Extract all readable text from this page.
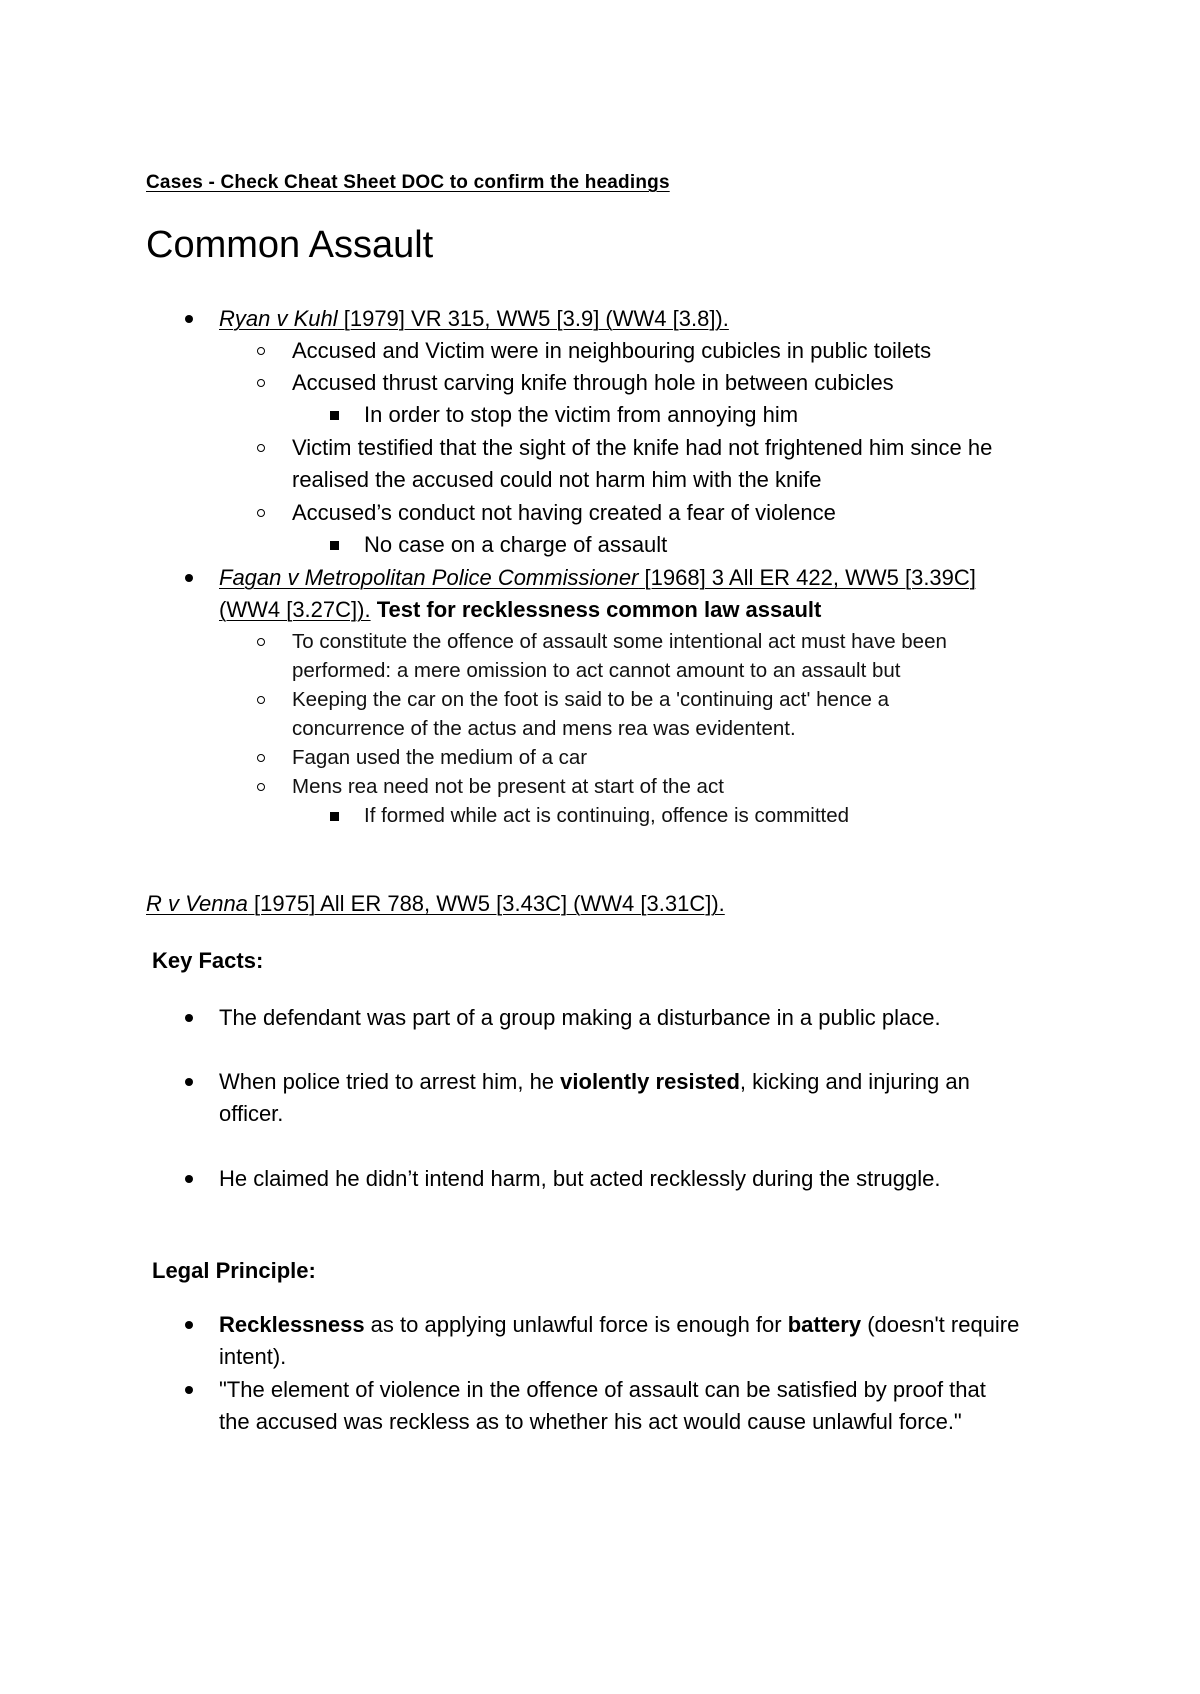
Cases - Check Cheat Sheet DOC to confirm the headings
Common Assault
Ryan v Kuhl [1979] VR 315, WW5 [3.9] (WW4 [3.8]).
Accused and Victim were in neighbouring cubicles in public toilets
Accused thrust carving knife through hole in between cubicles
In order to stop the victim from annoying him
Victim testified that the sight of the knife had not frightened him since he
realised the accused could not harm him with the knife
Accused’s conduct not having created a fear of violence
No case on a charge of assault
Fagan v Metropolitan Police Commissioner [1968] 3 All ER 422, WW5 [3.39C]
(WW4 [3.27C]). Test for recklessness common law assault
To constitute the offence of assault some intentional act must have been
performed: a mere omission to act cannot amount to an assault but
Keeping the car on the foot is said to be a 'continuing act' hence a
concurrence of the actus and mens rea was evidentent.
Fagan used the medium of a car
Mens rea need not be present at start of the act
If formed while act is continuing, offence is committed
R v Venna [1975] All ER 788, WW5 [3.43C] (WW4 [3.31C]).
Key Facts:
The defendant was part of a group making a disturbance in a public place.
When police tried to arrest him, he violently resisted, kicking and injuring an
officer.
He claimed he didn’t intend harm, but acted recklessly during the struggle.
Legal Principle:
Recklessness as to applying unlawful force is enough for battery (doesn't require
intent).
"The element of violence in the offence of assault can be satisfied by proof that
the accused was reckless as to whether his act would cause unlawful force."
